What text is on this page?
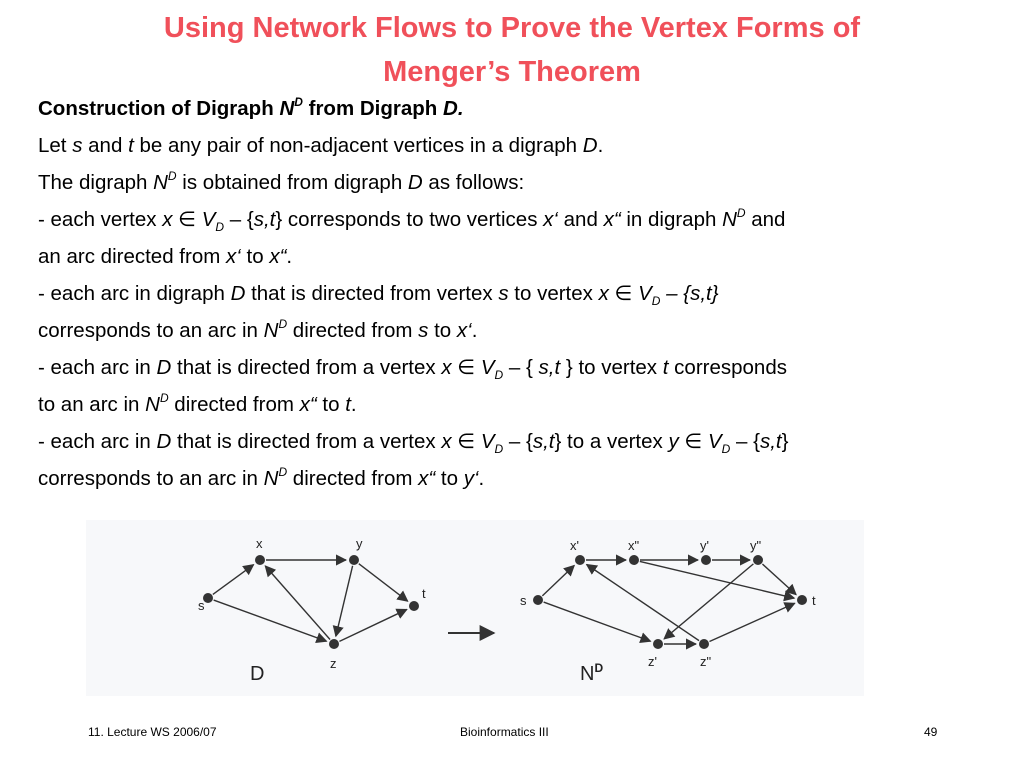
Using Network Flows to Prove the Vertex Forms of
Menger’s Theorem
Construction of Digraph $N^D$ from Digraph D.
Let s and t be any pair of non-adjacent vertices in a digraph D.
The digraph $N^D$ is obtained from digraph D as follows:
- each vertex x ∈ $V_D - \{s,t\}$ corresponds to two vertices x‘ and x“ in digraph $N^D$ and
an arc directed from x‘ to x“.
- each arc in digraph D that is directed from vertex s to vertex x ∈ $V_D - \{s,t\}$
corresponds to an arc in $N^D$ directed from s to x‘.
- each arc in D that is directed from a vertex x ∈ $V_D$ – { s,t } to vertex t corresponds
to an arc in $N^D$ directed from x“ to t.
- each arc in D that is directed from a vertex x ∈ $V_D - \{s,t\}$ to a vertex y ∈ $V_D - \{s,t\}$
corresponds to an arc in $N^D$ directed from x“ to y‘.
s
x	y
t
z
s
x'	x"	y'	y"
t
z'	z"
D	$N^D$
11. Lecture WS 2006/07	Bioinformatics III	49
